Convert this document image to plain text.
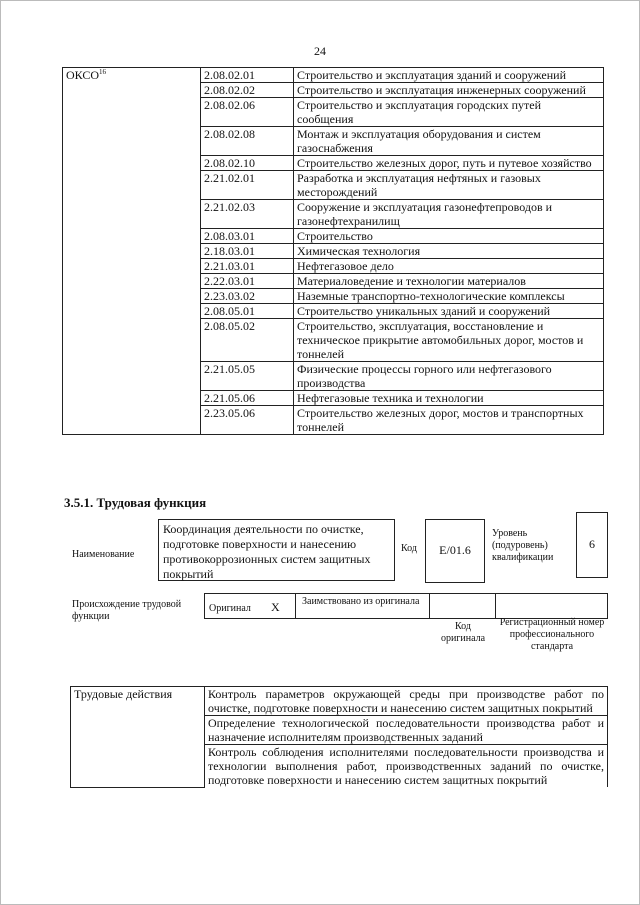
24
ОКСО$^{16}$	2.08.02.01	Строительство и эксплуатация зданий и сооружений
	2.08.02.02	Строительство и эксплуатация инженерных сооружений
	2.08.02.06	Строительство и эксплуатация городских путей сообщения
	2.08.02.08	Монтаж и эксплуатация оборудования и систем газоснабжения
	2.08.02.10	Строительство железных дорог, путь и путевое хозяйство
	2.21.02.01	Разработка и эксплуатация нефтяных и газовых месторождений
	2.21.02.03	Сооружение и эксплуатация газонефтепроводов и газонефтехранилищ
	2.08.03.01	Строительство
	2.18.03.01	Химическая технология
	2.21.03.01	Нефтегазовое дело
	2.22.03.01	Материаловедение и технологии материалов
	2.23.03.02	Наземные транспортно-технологические комплексы
	2.08.05.01	Строительство уникальных зданий и сооружений
	2.08.05.02	Строительство, эксплуатация, восстановление и техническое прикрытие автомобильных дорог, мостов и тоннелей
	2.21.05.05	Физические процессы горного или нефтегазового производства
	2.21.05.06	Нефтегазовые техника и технологии
	2.23.05.06	Строительство железных дорог, мостов и транспортных тоннелей
3.5.1. Трудовая функция
Наименование
Координация деятельности по очистке, подготовке поверхности и нанесению противокоррозионных систем защитных покрытий
Код	E/01.6
Уровень (подуровень) квалификации
6
Происхождение трудовой функции
Оригинал X Заимствовано из оригинала
Код оригинала
Регистрационный номер профессионального стандарта
Трудовые действия	Контроль параметров окружающей среды при производстве работ по очистке, подготовке поверхности и нанесению систем защитных покрытий
Определение технологической последовательности производства работ и назначение исполнителям производственных заданий
Контроль соблюдения исполнителями последовательности производства и технологии выполнения работ, производственных заданий по очистке, подготовке поверхности и нанесению систем защитных покрытий
